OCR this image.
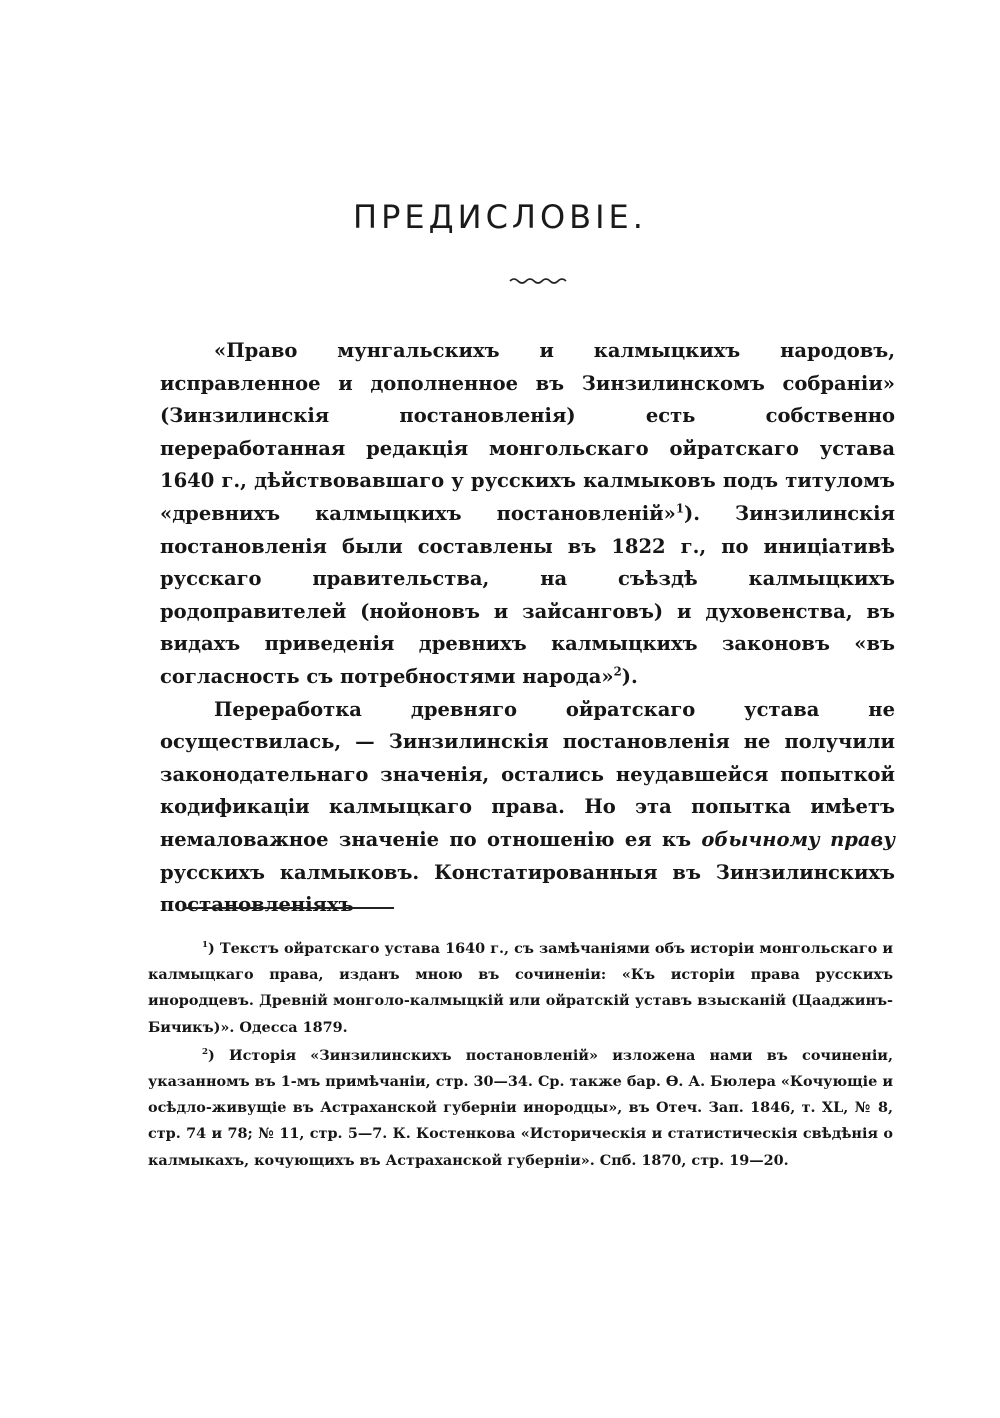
ПРЕДИСЛОВІЕ.

«Право мунгальскихъ и калмыцкихъ народовъ, исправленное и дополненное въ Зинзилинскомъ собраніи» (Зинзилинскія постановленія) есть собственно переработанная редакція монгольскаго ойратскаго устава 1640 г., дѣйствовавшаго у русскихъ калмыковъ подъ титуломъ «древнихъ калмыцкихъ постановленій»$^1$). Зинзилинскія постановленія были составлены въ 1822 г., по иниціативѣ русскаго правительства, на съѣздѣ калмыцкихъ родоправителей (нойоновъ и зайсанговъ) и духовенства, въ видахъ приведенія древнихъ калмыцкихъ законовъ «въ согласность съ потребностями народа»$^2$).

Переработка древняго ойратскаго устава не осуществилась, — Зинзилинскія постановленія не получили законодательнаго значенія, остались неудавшейся попыткой кодификаціи калмыцкаго права. Но эта попытка имѣетъ немаловажное значеніе по отношенію ея къ обычному праву русскихъ калмыковъ. Констатированныя въ Зинзилинскихъ постановленіяхъ

$^1$) Текстъ ойратскаго устава 1640 г., съ замѣчаніями объ исторіи монгольскаго и калмыцкаго права, изданъ мною въ сочиненіи: «Къ исторіи права русскихъ инородцевъ. Древній монголо-калмыцкій или ойратскій уставъ взысканій (Цааджинъ-Бичикъ)». Одесса 1879.

$^2$) Исторія «Зинзилинскихъ постановленій» изложена нами въ сочиненіи, указанномъ въ 1-мъ примѣчаніи, стр. 30—34. Ср. также бар. Ѳ. А. Бюлера «Кочующіе и осѣдло-живущіе въ Астраханской губерніи инородцы», въ Отеч. Зап. 1846, т. XL, № 8, стр. 74 и 78; № 11, стр. 5—7. К. Костенкова «Историческія и статистическія свѣдѣнія о калмыкахъ, кочующихъ въ Астраханской губерніи». Спб. 1870, стр. 19—20.
